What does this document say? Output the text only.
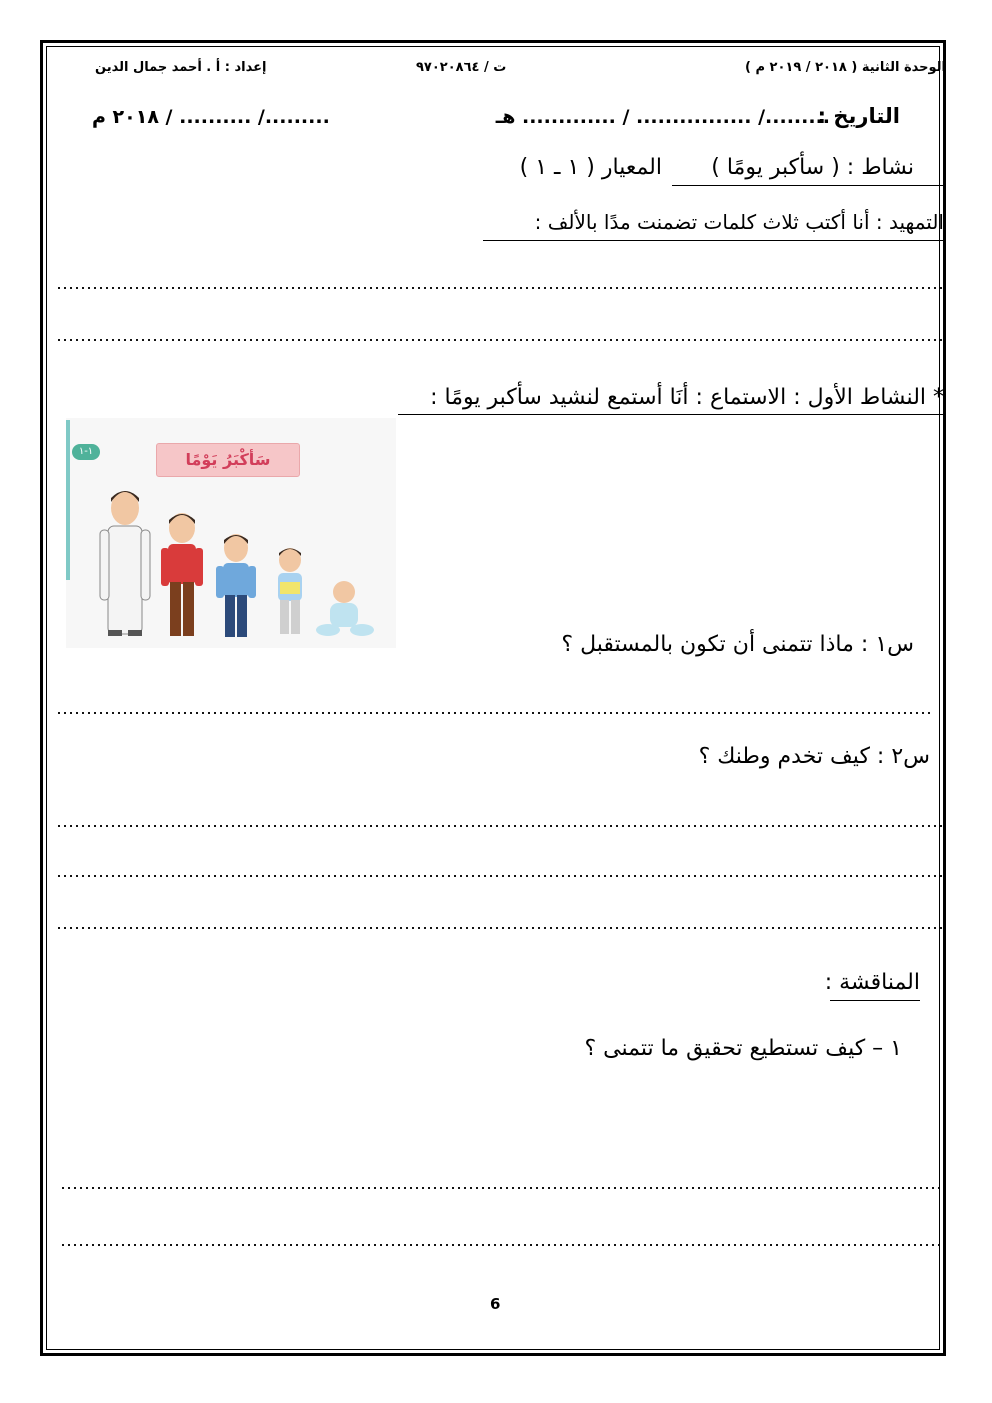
الوحدة الثانية ( ٢٠١٨ / ٢٠١٩ م )
ت / ٩٧٠٢٠٨٦٤
إعداد : أ . أحمد جمال الدين
التاريخ :
........./ ................ / ............. هـ
........./ .......... / ٢٠١٨ م
نشاط : ( سأكبر يومًا )
المعيار ( ١ ـ ١ )
التمهيد : أنا أكتب ثلاث كلمات تضمنت مدًا بالألف :
* النشاط الأول : الاستماع : أنَا أستمع لنشيد سأكبر يومًا :
١-١	سَأكْبَرُ يَوْمًا
س١ : ماذا تتمنى أن تكون بالمستقبل ؟
س٢ : كيف تخدم وطنك ؟
المناقشة :
١ – كيف تستطيع تحقيق ما تتمنى ؟
6
